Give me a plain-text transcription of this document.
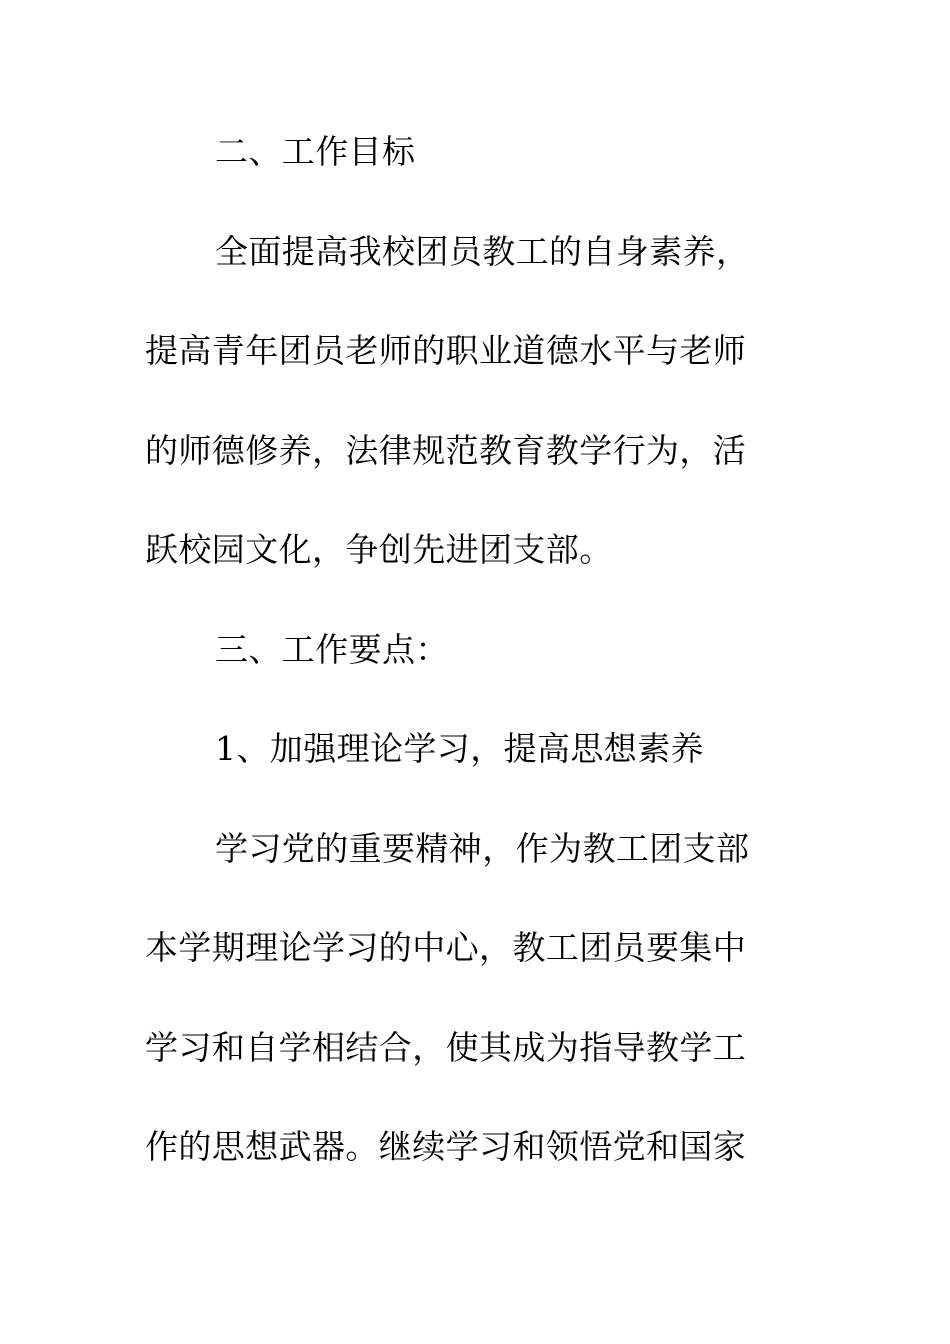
二、工作目标
全面提高我校团员教工的自身素养，
提高青年团员老师的职业道德水平与老师
的师德修养，法律规范教育教学行为，活
跃校园文化，争创先进团支部。
三、工作要点：
1、加强理论学习，提高思想素养
学习党的重要精神，作为教工团支部
本学期理论学习的中心，教工团员要集中
学习和自学相结合，使其成为指导教学工
作的思想武器。继续学习和领悟党和国家
